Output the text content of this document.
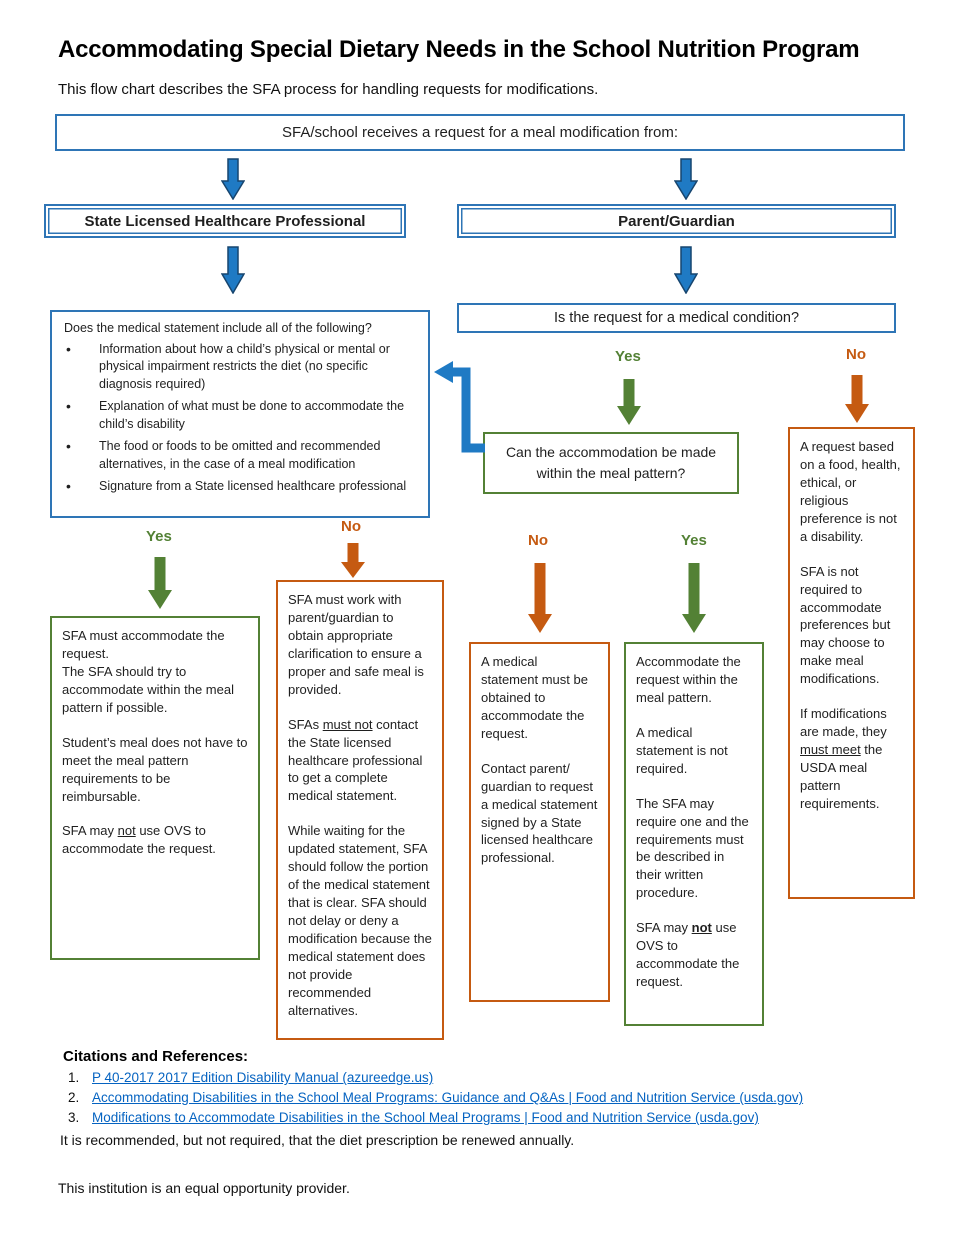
Accommodating Special Dietary Needs in the School Nutrition Program
This flow chart describes the SFA process for handling requests for modifications.
SFA/school receives a request for a meal modification from:
State Licensed Healthcare Professional	Parent/Guardian
Does the medical statement include all of the following?
• Information about how a child’s physical or mental or physical impairment restricts the diet (no specific diagnosis required)
• Explanation of what must be done to accommodate the child’s disability
• The food or foods to be omitted and recommended alternatives, in the case of a meal modification
• Signature from a State licensed healthcare professional
Is the request for a medical condition?
Yes	No
Can the accommodation be made within the meal pattern?
A request based on a food, health, ethical, or religious preference is not a disability.
SFA is not required to accommodate preferences but may choose to make meal modifications.
If modifications are made, they must meet the USDA meal pattern requirements.
Yes
No
No	Yes
SFA must accommodate the request.
The SFA should try to accommodate within the meal pattern if possible.
Student’s meal does not have to meet the meal pattern requirements to be reimbursable.
SFA may not use OVS to accommodate the request.
SFA must work with parent/guardian to obtain appropriate clarification to ensure a proper and safe meal is provided.
SFAs must not contact the State licensed healthcare professional to get a complete medical statement.
While waiting for the updated statement, SFA should follow the portion of the medical statement that is clear. SFA should not delay or deny a modification because the medical statement does not provide recommended alternatives.
A medical statement must be obtained to accommodate the request.
Contact parent/ guardian to request a medical statement signed by a State licensed healthcare professional.
Accommodate the request within the meal pattern.
A medical statement is not required.
The SFA may require one and the requirements must be described in their written procedure.
SFA may not use OVS to accommodate the request.
Citations and References:
1. P 40-2017 2017 Edition Disability Manual (azureedge.us)
2. Accommodating Disabilities in the School Meal Programs: Guidance and Q&As | Food and Nutrition Service (usda.gov)
3. Modifications to Accommodate Disabilities in the School Meal Programs | Food and Nutrition Service (usda.gov)
It is recommended, but not required, that the diet prescription be renewed annually.
This institution is an equal opportunity provider.
